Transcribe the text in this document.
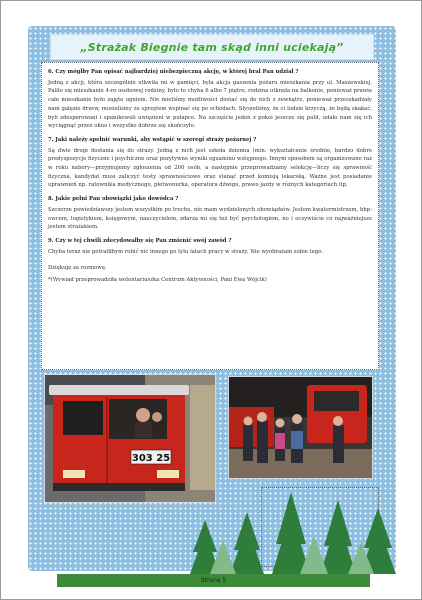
„Strażak Biegnie tam skąd inni uciekają”

6. Czy mógłby Pan opisać najbardziej niebezpieczną akcję, w której brał Pan udział ?

Jedną z akcji, która szczególnie utkwiła mi w pamięci, była akcja gaszenia pożaru mieszkania przy ul. Maszewskiej. Paliło się mieszkanie 4-ro osobowej rodziny, było to chyba 6 albo 7 piętro, rodzina utknęła na balkonie, ponieważ prawie całe mieszkanie było zajęte ogniem. Nie mieliśmy możliwości dostać się do nich z zewnątrz, ponieważ przeszkadzały nam gałęzie drzew, musieliśmy ze sprzętem wspinać się po schodach. Słyszeliśmy, że ci ludzie krzyczą, że będą skakać, byli zdesperowani i spanikowali uwięzieni w pułapce. Na szczęście jeden z pokoi jeszcze się palił, udało nam się ich wyciągnąć przez okno i wszystko dobrze się skończyło.

7. Jaki należy spełnić warunki, aby wstąpić w szeregi straży pożarnej ?

Są dwie drogi dostania się do straży. Jedną z nich jest szkoła dzienna (min. wykształcenie średnie, bardzo dobre predyspozycje fizyczne i psychiczne oraz pozytywne wyniki egzaminu wstępnego. Innym sposobem są organizowane raz w roku nabory—przyjmujemy zgłoszenia od 200 osób, a następnie przeprowadzamy selekcję—liczy się sprawność fizyczna, kandydat musi zaliczyć testy sprawnościowe oraz stanąć przed komisją lekarską. Ważne jest posiadanie uprawnień np. ratownika medycznego, płetwonurka, operatora dźwigu, prawo jazdy w różnych kategoriach itp.

8. Jakie pełni Pan obowiązki jako dowódca ?

Szczerze powiedziawszy jestem wszystkim po trochu, nie mam wydzielonych obowiązków. Jestem kwatermistrzem, bhp-owcem, logistykiem, księgowym, nauczycielem, zdarza mi się też być psychologiem, no i oczywiście co najważniejsze jestem strażakiem.

9. Czy w tej chwili zdecydowałby się Pan zmienić swój zawód ?

Chyba teraz nie potrafiłbym robić nic innego po tylu latach pracy w straży. Nie wyobrażam sobie tego.

Dziękuję za rozmowę.

*(Wywiad przeprowadziła wolontariuszka Centrum Aktywności, Pani Ewa Wójcik)

303 25
Strona 5
